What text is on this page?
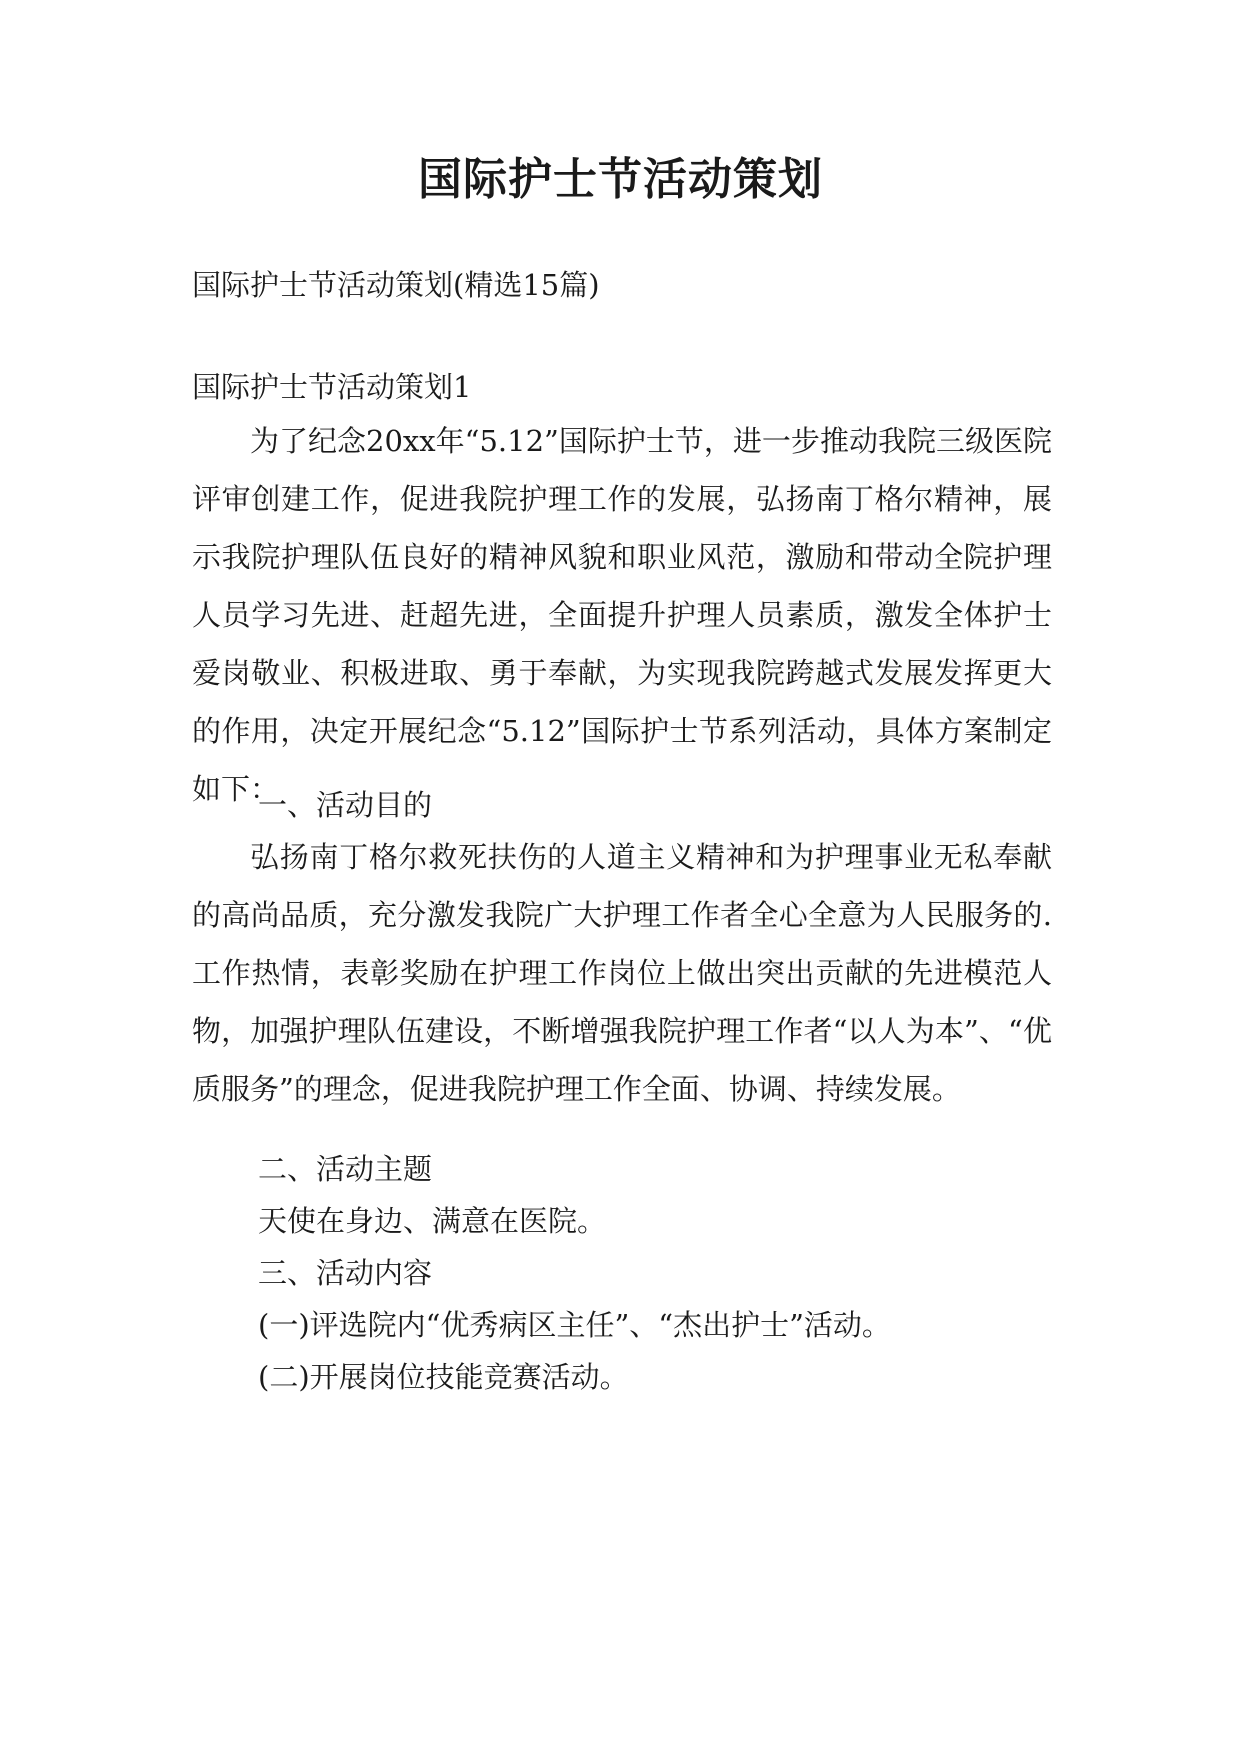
国际护士节活动策划
国际护士节活动策划(精选15篇)
国际护士节活动策划1

为了纪念20xx年“5.12”国际护士节，进一步推动我院三级医院评审创建工作，促进我院护理工作的发展，弘扬南丁格尔精神，展示我院护理队伍良好的精神风貌和职业风范，激励和带动全院护理人员学习先进、赶超先进，全面提升护理人员素质，激发全体护士爱岗敬业、积极进取、勇于奉献，为实现我院跨越式发展发挥更大的作用，决定开展纪念“5.12”国际护士节系列活动，具体方案制定如下：

一、活动目的

弘扬南丁格尔救死扶伤的人道主义精神和为护理事业无私奉献的高尚品质，充分激发我院广大护理工作者全心全意为人民服务的.工作热情，表彰奖励在护理工作岗位上做出突出贡献的先进模范人物，加强护理队伍建设，不断增强我院护理工作者“以人为本”、“优质服务”的理念，促进我院护理工作全面、协调、持续发展。

二、活动主题
天使在身边、满意在医院。
三、活动内容
(一)评选院内“优秀病区主任”、“杰出护士”活动。
(二)开展岗位技能竞赛活动。
